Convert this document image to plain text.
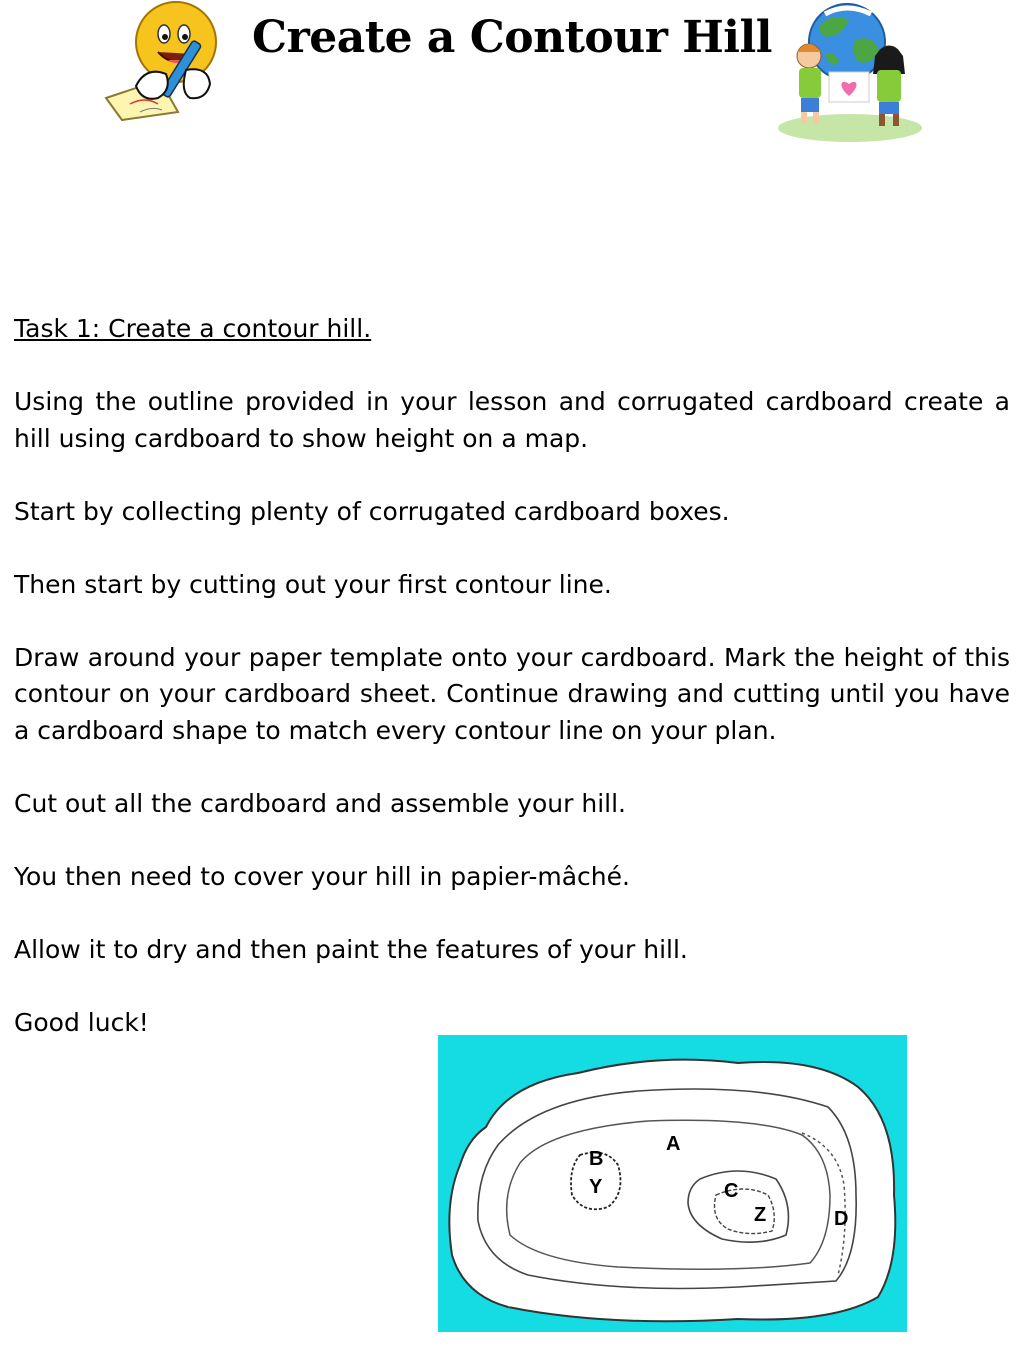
Create a Contour Hill

Task 1: Create a contour hill.

Using the outline provided in your lesson and corrugated cardboard create a hill using cardboard to show height on a map.

Start by collecting plenty of corrugated cardboard boxes.

Then start by cutting out your first contour line.

Draw around your paper template onto your cardboard. Mark the height of this contour on your cardboard sheet. Continue drawing and cutting until you have a cardboard shape to match every contour line on your plan.

Cut out all the cardboard and assemble your hill.

You then need to cover your hill in papier-mâché.

Allow it to dry and then paint the features of your hill.

Good luck!

A
B
Y	C
Z	D
